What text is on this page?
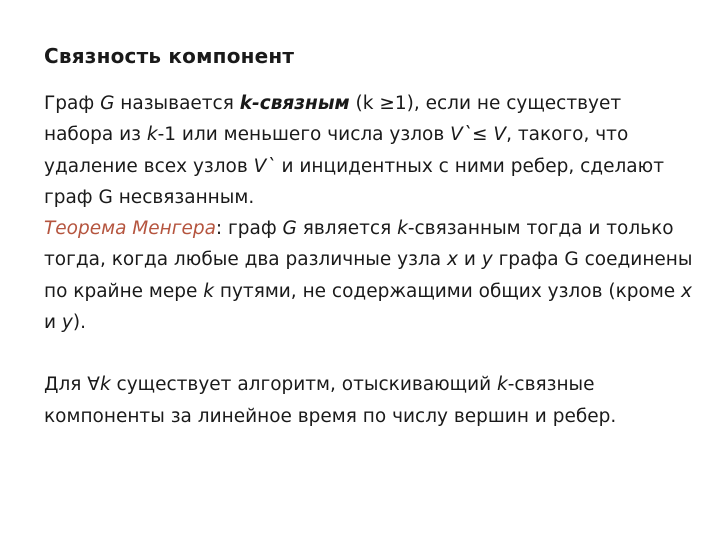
Связность компонент

Граф G называется k-связным (k ≥1), если не существует набора из k-1 или меньшего числа узлов V`≤ V, такого, что удаление всех узлов V` и инцидентных с ними ребер, сделают граф G несвязанным.

Теорема Менгера: граф G является k-связанным тогда и только тогда, когда любые два различные узла x и y графа G соединены по крайне мере k путями, не содержащими общих узлов (кроме x и y).

Для ∀k существует алгоритм, отыскивающий k-связные компоненты за линейное время по числу вершин и ребер.
